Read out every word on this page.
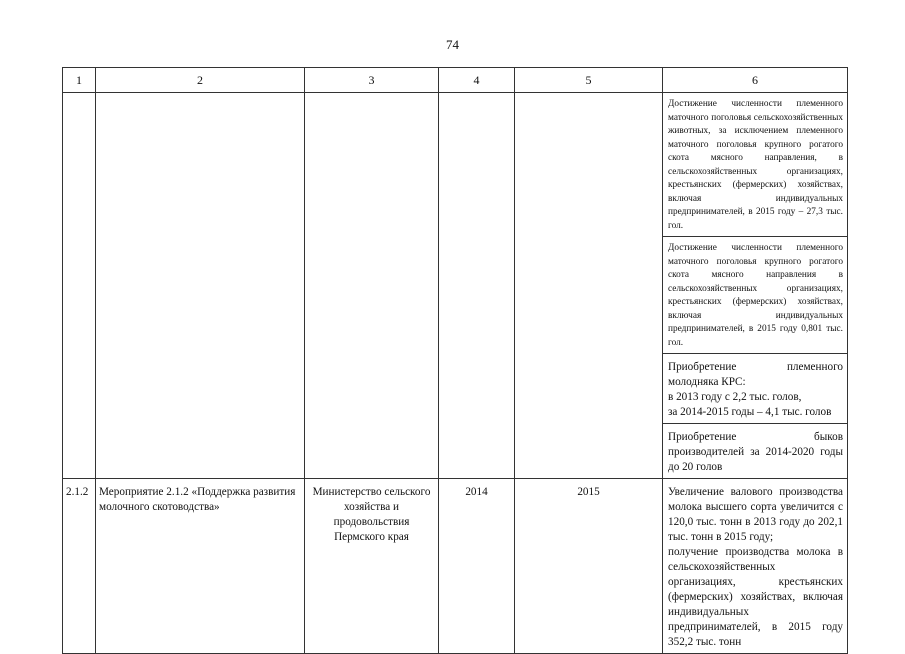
74
1	2	3	4	5	6
					Достижение численности племенного маточного поголовья сельскохозяйственных животных, за исключением племенного маточного поголовья крупного рогатого скота мясного направления, в сельскохозяйственных организациях, крестьянских (фермерских) хозяйствах, включая индивидуальных предпринимателей, в 2015 году – 27,3 тыс. гол.
					Достижение численности племенного маточного поголовья крупного рогатого скота мясного направления в сельскохозяйственных организациях, крестьянских (фермерских) хозяйствах, включая индивидуальных предпринимателей, в 2015 году 0,801 тыс. гол.
					Приобретение племенного молодняка КРС:
в 2013 году с 2,2 тыс. голов,
за 2014-2015 годы – 4,1 тыс. голов
					Приобретение быков производителей за 2014-2020 годы до 20 голов
2.1.2	Мероприятие 2.1.2 «Поддержка развития молочного скотоводства»	Министерство сельского хозяйства и продовольствия Пермского края	2014	2015	Увеличение валового производства молока высшего сорта увеличится с 120,0 тыс. тонн в 2013 году до 202,1 тыс. тонн в 2015 году;
получение производства молока в сельскохозяйственных организациях, крестьянских (фермерских) хозяйствах, включая индивидуальных предпринимателей, в 2015 году 352,2 тыс. тонн
